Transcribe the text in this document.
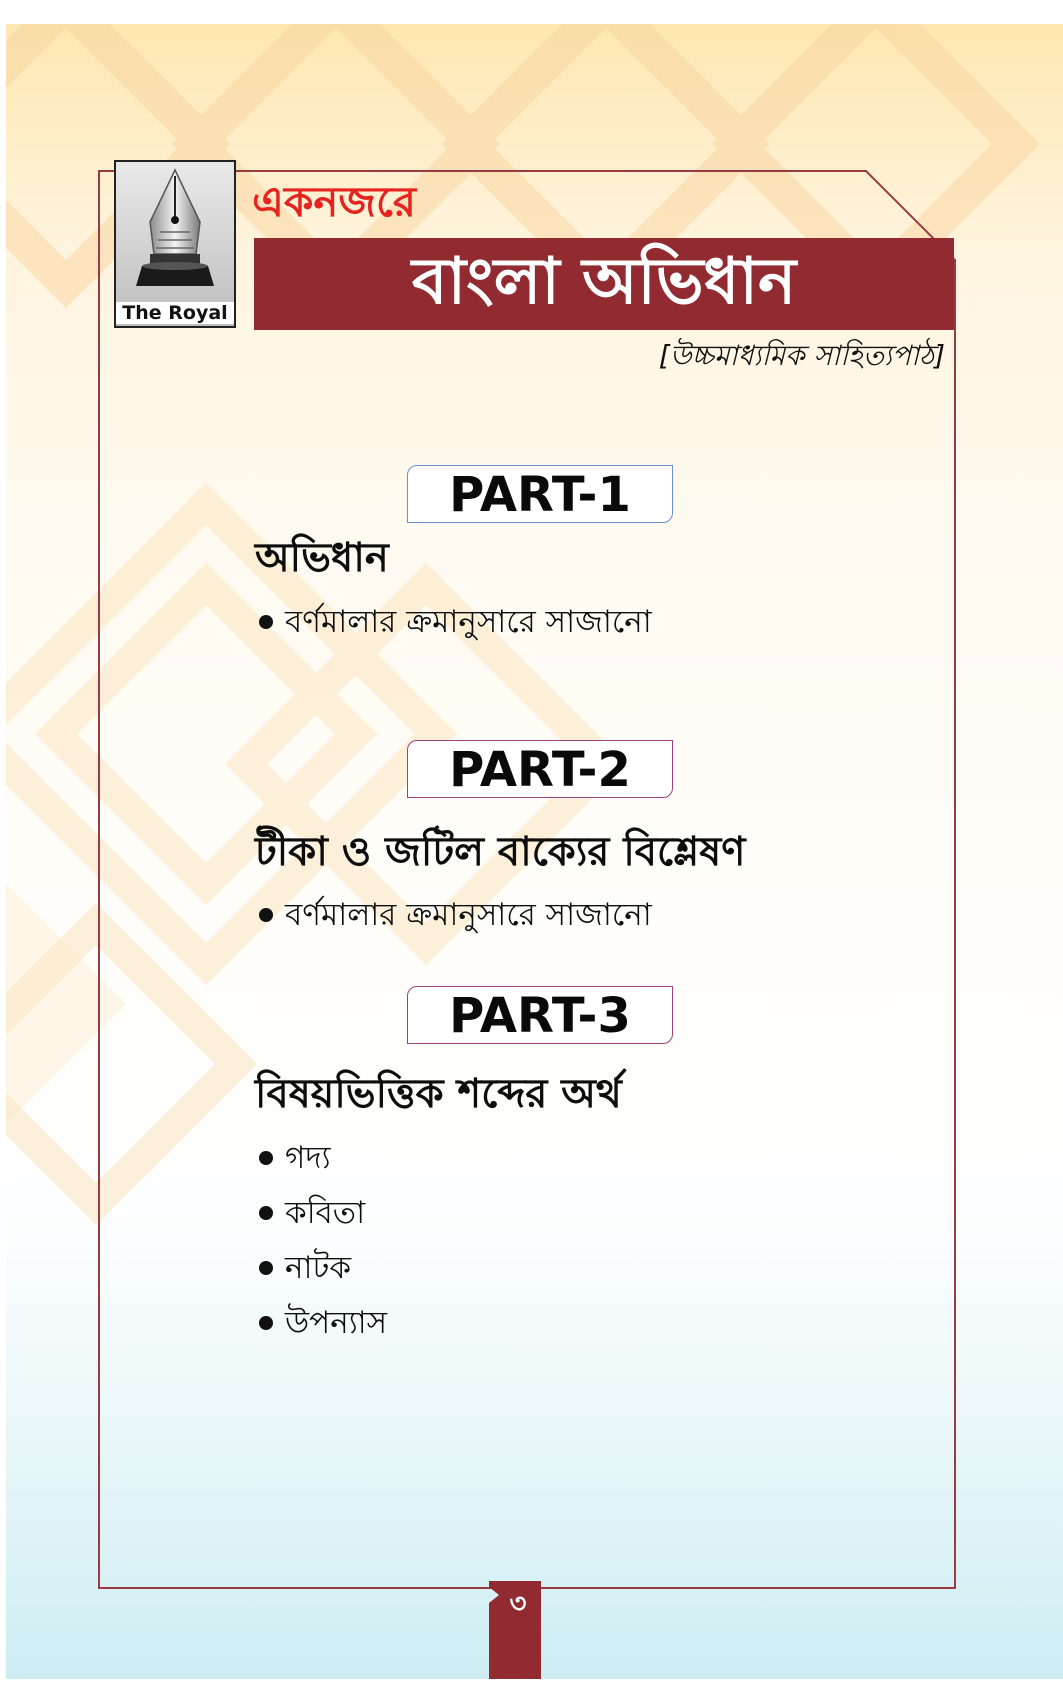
The Royal
একনজরে
বাংলা অভিধান
[উচ্চমাধ্যমিক সাহিত্যপাঠ]
PART-1
অভিধান
বর্ণমালার ক্রমানুসারে সাজানো
PART-2
টীকা ও জটিল বাক্যের বিশ্লেষণ
বর্ণমালার ক্রমানুসারে সাজানো
PART-3
বিষয়ভিত্তিক শব্দের অর্থ
গদ্য
কবিতা
নাটক
উপন্যাস
৩
